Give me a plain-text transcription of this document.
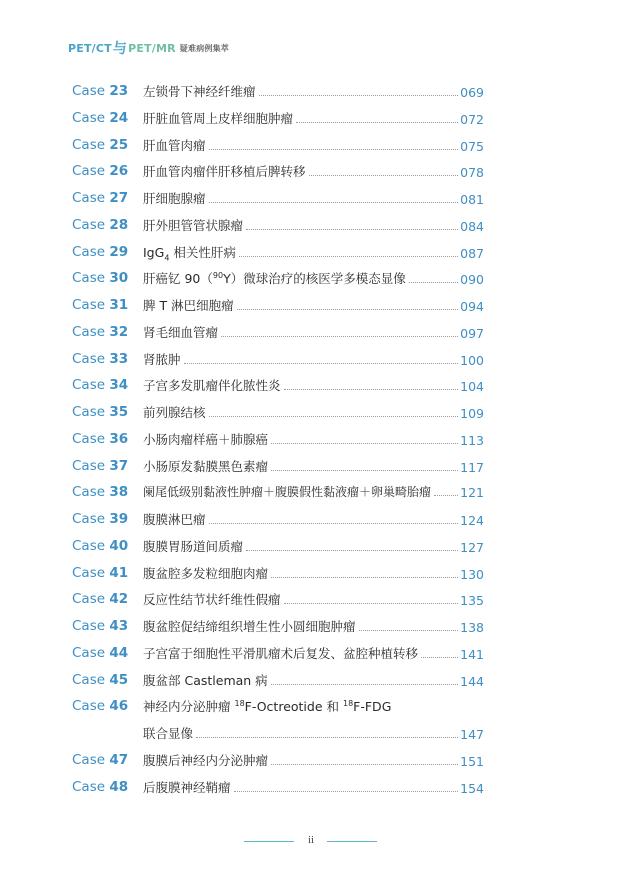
PET/CT 与 PET/MR 疑难病例集萃
Case 23 左锁骨下神经纤维瘤	069
Case 24 肝脏血管周上皮样细胞肿瘤	072
Case 25 肝血管肉瘤	075
Case 26 肝血管肉瘤伴肝移植后脾转移	078
Case 27 肝细胞腺瘤	081
Case 28 肝外胆管管状腺瘤	084
Case 29 IgG$_4$ 相关性肝病	087
Case 30 肝癌钇 90（$^{90}$Y）微球治疗的核医学多模态显像	090
Case 31 脾 T 淋巴细胞瘤	094
Case 32 肾毛细血管瘤	097
Case 33 肾脓肿	100
Case 34 子宫多发肌瘤伴化脓性炎	104
Case 35 前列腺结核	109
Case 36 小肠肉瘤样癌＋肺腺癌	113
Case 37 小肠原发黏膜黑色素瘤	117
Case 38 阑尾低级别黏液性肿瘤＋腹膜假性黏液瘤＋卵巢畸胎瘤 121
Case 39 腹膜淋巴瘤	124
Case 40 腹膜胃肠道间质瘤	127
Case 41 腹盆腔多发粒细胞肉瘤	130
Case 42 反应性结节状纤维性假瘤	135
Case 43 腹盆腔促结缔组织增生性小圆细胞肿瘤	138
Case 44 子宫富于细胞性平滑肌瘤术后复发、盆腔种植转移	141
Case 45 腹盆部 Castleman 病	144
Case 46 神经内分泌肿瘤 $^{18}$F-Octreotide 和 $^{18}$F-FDG
联合显像	147
Case 47 腹膜后神经内分泌肿瘤	151
Case 48 后腹膜神经鞘瘤	154
ii
